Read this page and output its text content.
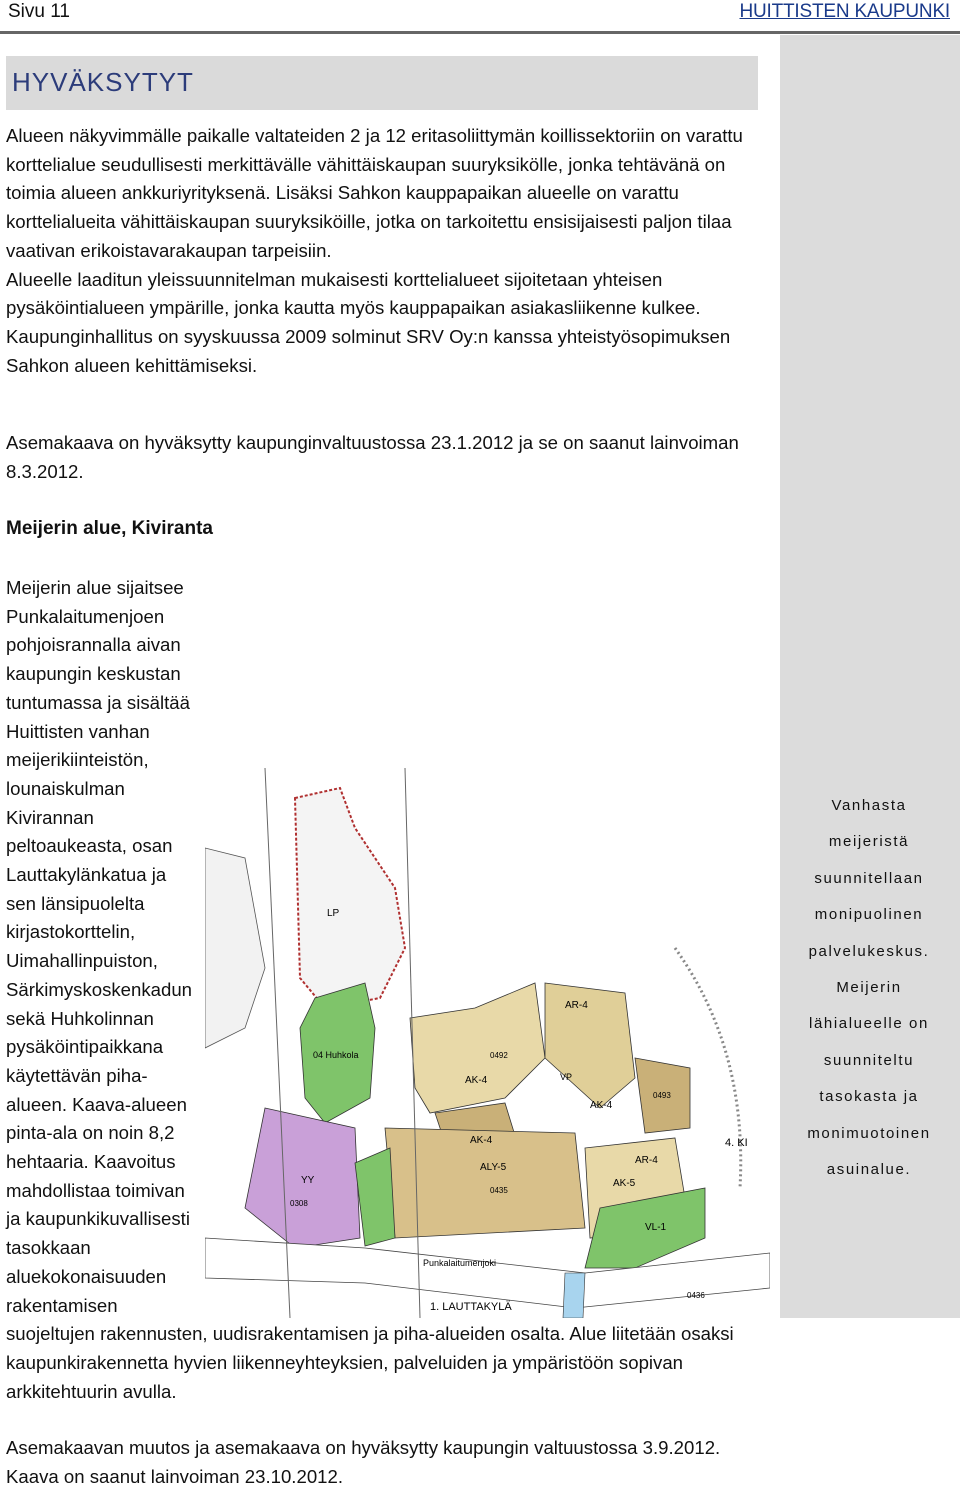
Sivu 11	HUITTISTEN KAUPUNKI
HYVÄKSYTYT

Alueen näkyvimmälle paikalle valtateiden 2 ja 12 eritasoliittymän koillissektoriin on varattu korttelialue seudullisesti merkittävälle vähittäiskaupan suuryksikölle, jonka tehtävänä on toimia alueen ankkuriyrityksenä. Lisäksi Sahkon kauppapaikan alueelle on varattu korttelialueita vähittäiskaupan suuryksiköille, jotka on tarkoitettu ensisijaisesti paljon tilaa vaativan erikoistavarakaupan tarpeisiin.

Alueelle laaditun yleissuunnitelman mukaisesti korttelialueet sijoitetaan yhteisen pysäköintialueen ympärille, jonka kautta myös kauppapaikan asiakasliikenne kulkee. Kaupunginhallitus on syyskuussa 2009 solminut SRV Oy:n kanssa yhteistyösopimuksen Sahkon alueen kehittämiseksi.

Asemakaava on hyväksytty kaupunginvaltuustossa 23.1.2012 ja se on saanut lainvoiman 8.3.2012.
Meijerin alue, Kiviranta

Meijerin alue sijaitsee Punkalaitumenjoen pohjoisrannalla aivan kaupungin keskustan tuntumassa ja sisältää Huittisten vanhan meijerikiinteistön, lounaiskulman Kivirannan peltoaukeasta, osan Lauttakylänkatua ja sen länsipuolelta kirjastokorttelin, Uimahallinpuiston, Särkimyskoskenkadun sekä Huhkolinnan pysäköintipaikkana käytettävän piha-alueen. Kaava-alueen pinta-ala on noin 8,2 hehtaaria. Kaavoitus mahdollistaa toimivan ja kaupunkikuvallisesti tasokkaan aluekokonaisuuden rakentamisen suojeltujen rakennusten, uudisrakentamisen ja piha-alueiden osalta. Alue liitetään osaksi kaupunkirakennetta hyvien liikenneyhteyksien, palveluiden ja ympäristöön sopivan arkkitehtuurin avulla.

Asemakaavan muutos ja asemakaava on hyväksytty kaupungin valtuustossa 3.9.2012. Kaava on saanut lainvoiman 23.10.2012.

Vanhasta meijeristä suunnitellaan monipuolinen palvelukeskus. Meijerin lähialueelle on suunniteltu tasokasta ja monimuotoinen asuinalue.
LP
04 Huhkola
YY
0308
AR-4
0492
0493
AK-4
AK-4
AK-4
VP
ALY-5
0435
AK-5
AR-4
VL-1
4. KI
Punkalaitumenjoki
1. LAUTTAKYLÄ
0436
